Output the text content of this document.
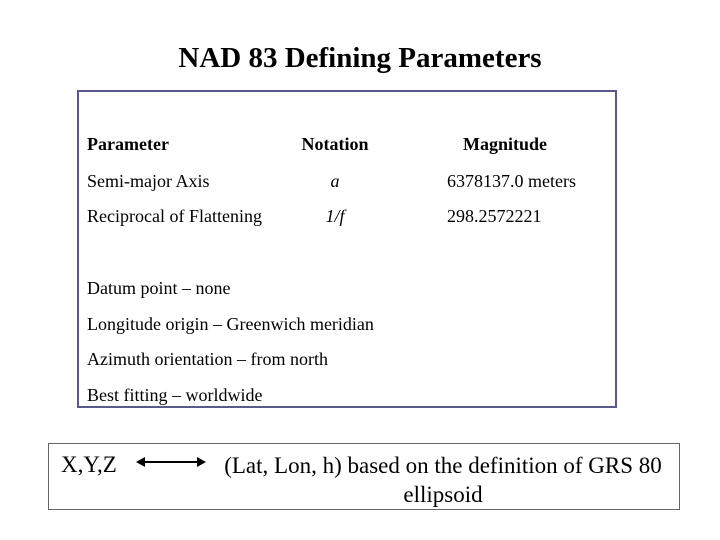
NAD 83 Defining Parameters
Parameter	Notation	Magnitude
Semi-major Axis	a	6378137.0 meters
Reciprocal of Flattening	1/f	298.2572221
Datum point – none
Longitude origin – Greenwich meridian
Azimuth orientation – from north
Best fitting – worldwide
X,Y,Z	(Lat, Lon, h) based on the definition of GRS 80 ellipsoid
